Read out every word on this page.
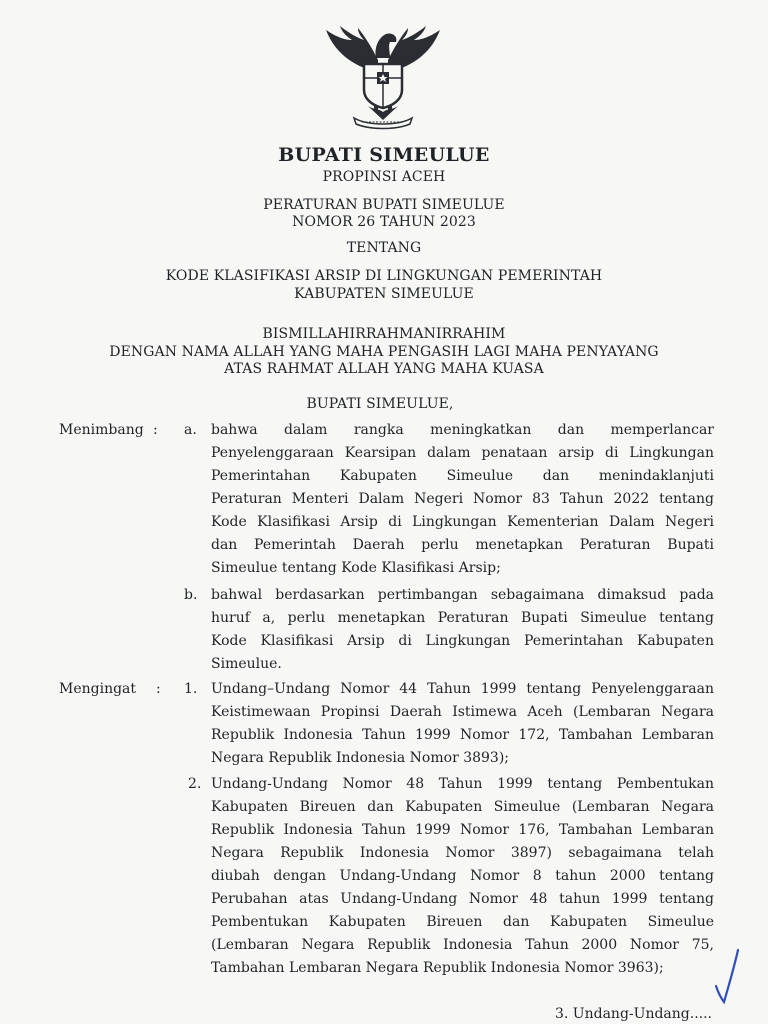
BUPATI SIMEULUE
PROPINSI ACEH
PERATURAN BUPATI SIMEULUE
NOMOR 26 TAHUN 2023
TENTANG
KODE KLASIFIKASI ARSIP DI LINGKUNGAN PEMERINTAH
KABUPATEN SIMEULUE
BISMILLAHIRRAHMANIRRAHIM
DENGAN NAMA ALLAH YANG MAHA PENGASIH LAGI MAHA PENYAYANG
ATAS RAHMAT ALLAH YANG MAHA KUASA
BUPATI SIMEULUE,
Menimbang : a. bahwa dalam rangka meningkatkan dan memperlancar
Penyelenggaraan Kearsipan dalam penataan arsip di Lingkungan
Pemerintahan Kabupaten Simeulue dan menindaklanjuti
Peraturan Menteri Dalam Negeri Nomor 83 Tahun 2022 tentang
Kode Klasifikasi Arsip di Lingkungan Kementerian Dalam Negeri
dan Pemerintah Daerah perlu menetapkan Peraturan Bupati
Simeulue tentang Kode Klasifikasi Arsip;
b. bahwal berdasarkan pertimbangan sebagaimana dimaksud pada
huruf a, perlu menetapkan Peraturan Bupati Simeulue tentang
Kode Klasifikasi Arsip di Lingkungan Pemerintahan Kabupaten
Simeulue.
Mengingat : 1. Undang–Undang Nomor 44 Tahun 1999 tentang Penyelenggaraan
Keistimewaan Propinsi Daerah Istimewa Aceh (Lembaran Negara
Republik Indonesia Tahun 1999 Nomor 172, Tambahan Lembaran
Negara Republik Indonesia Nomor 3893);
2. Undang-Undang Nomor 48 Tahun 1999 tentang Pembentukan
Kabupaten Bireuen dan Kabupaten Simeulue (Lembaran Negara
Republik Indonesia Tahun 1999 Nomor 176, Tambahan Lembaran
Negara Republik Indonesia Nomor 3897) sebagaimana telah
diubah dengan Undang-Undang Nomor 8 tahun 2000 tentang
Perubahan atas Undang-Undang Nomor 48 tahun 1999 tentang
Pembentukan Kabupaten Bireuen dan Kabupaten Simeulue
(Lembaran Negara Republik Indonesia Tahun 2000 Nomor 75,
Tambahan Lembaran Negara Republik Indonesia Nomor 3963);
3. Undang-Undang.....
